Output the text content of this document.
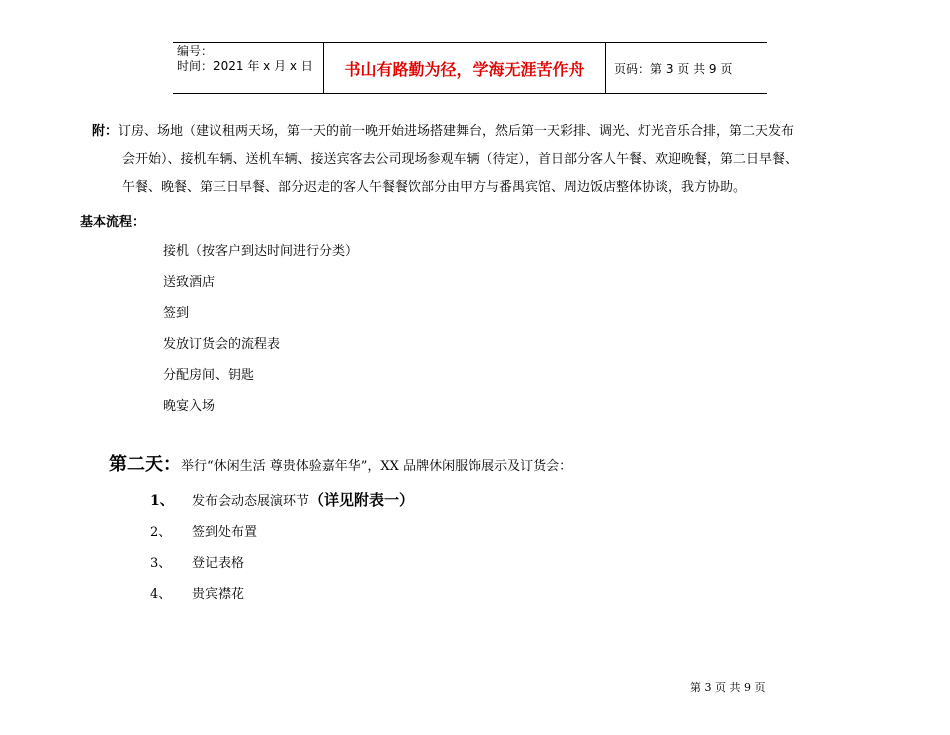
编号：
时间：2021 年 x 月 x 日	书山有路勤为径，学海无涯苦作舟	页码：第 3 页 共 9 页
附：订房、场地（建议租两天场，第一天的前一晚开始进场搭建舞台，然后第一天彩排、调光、灯光音乐合排，第二天发布
会开始）、接机车辆、送机车辆、接送宾客去公司现场参观车辆（待定），首日部分客人午餐、欢迎晚餐，第二日早餐、
午餐、晚餐、第三日早餐、部分迟走的客人午餐餐饮部分由甲方与番禺宾馆、周边饭店整体协谈，我方协助。
基本流程：
接机（按客户到达时间进行分类）
送致酒店
签到
发放订货会的流程表
分配房间、钥匙
晚宴入场
第二天：举行“休闲生活 尊贵体验嘉年华”，XX 品牌休闲服饰展示及订货会：
1、	发布会动态展演环节 （详见附表一）
2、	签到处布置
3、	登记表格
4、	贵宾襟花
第 3 页 共 9 页
